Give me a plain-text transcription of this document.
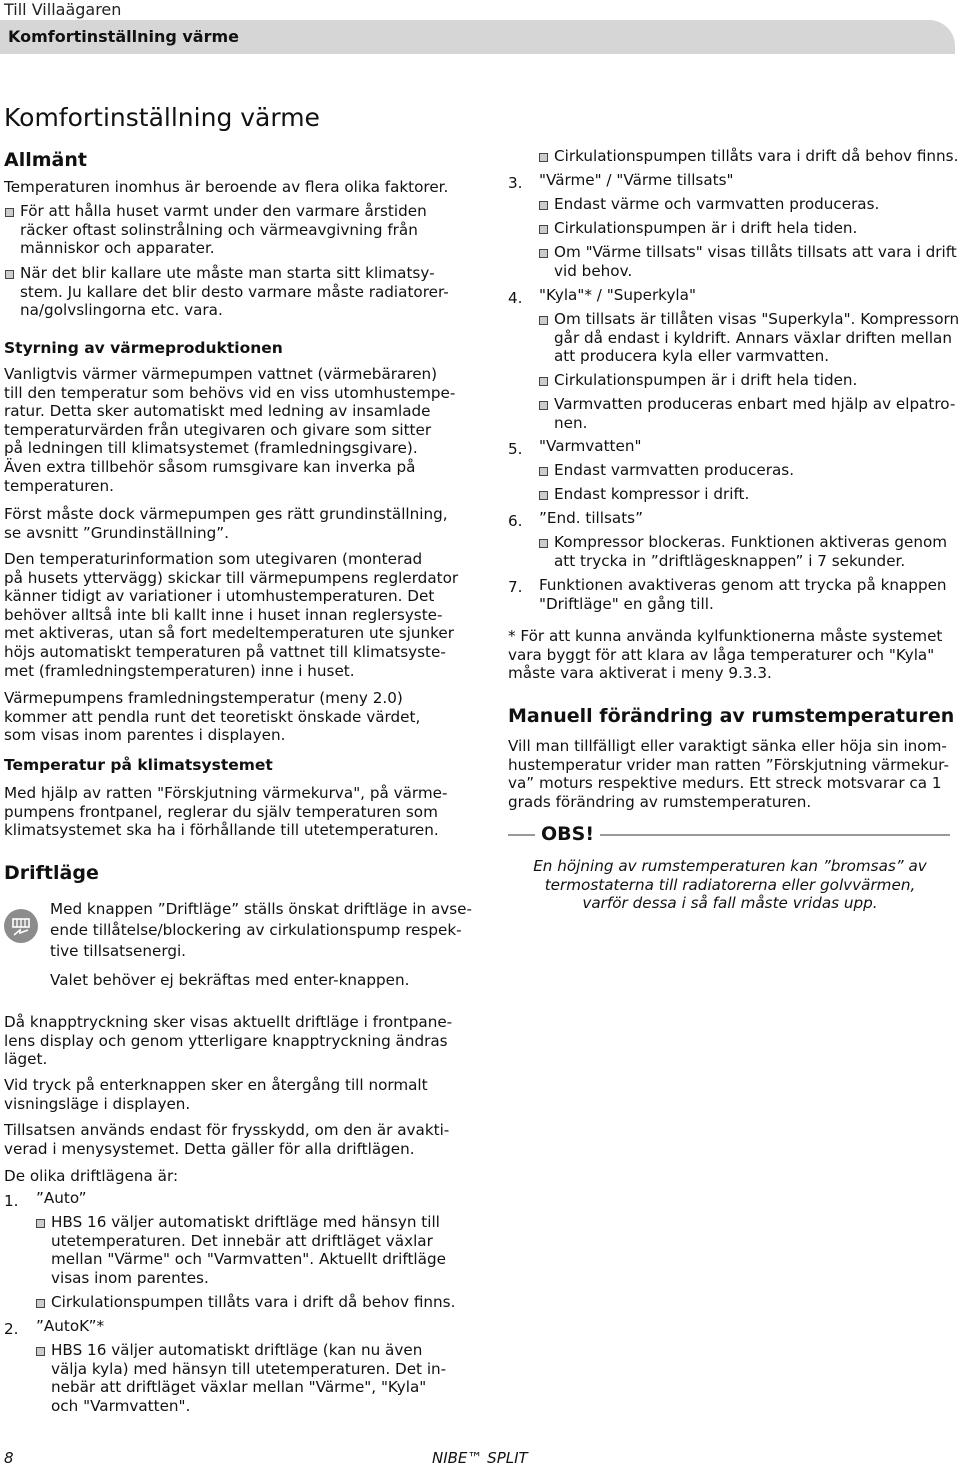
Till Villaägaren
Komfortinställning värme
Komfortinställning värme
Allmänt
Temperaturen inomhus är beroende av flera olika faktorer.
För att hålla huset varmt under den varmare årstiden
räcker oftast solinstrålning och värmeavgivning från
människor och apparater.
När det blir kallare ute måste man starta sitt klimatsy-
stem. Ju kallare det blir desto varmare måste radiatorer-
na/golvslingorna etc. vara.
Styrning av värmeproduktionen
Vanligtvis värmer värmepumpen vattnet (värmebäraren)
till den temperatur som behövs vid en viss utomhustempe-
ratur. Detta sker automatiskt med ledning av insamlade
temperaturvärden från utegivaren och givare som sitter
på ledningen till klimatsystemet (framledningsgivare).
Även extra tillbehör såsom rumsgivare kan inverka på
temperaturen.
Först måste dock värmepumpen ges rätt grundinställning,
se avsnitt ”Grundinställning”.
Den temperaturinformation som utegivaren (monterad
på husets yttervägg) skickar till värmepumpens reglerdator
känner tidigt av variationer i utomhustemperaturen. Det
behöver alltså inte bli kallt inne i huset innan reglersyste-
met aktiveras, utan så fort medeltemperaturen ute sjunker
höjs automatiskt temperaturen på vattnet till klimatsyste-
met (framledningstemperaturen) inne i huset.
Värmepumpens framledningstemperatur (meny 2.0)
kommer att pendla runt det teoretiskt önskade värdet,
som visas inom parentes i displayen.
Temperatur på klimatsystemet
Med hjälp av ratten "Förskjutning värmekurva", på värme-
pumpens frontpanel, reglerar du själv temperaturen som
klimatsystemet ska ha i förhållande till utetemperaturen.
Driftläge
Med knappen ”Driftläge” ställs önskat driftläge in avse-
ende tillåtelse/blockering av cirkulationspump respek-
tive tillsatsenergi.
Valet behöver ej bekräftas med enter-knappen.
Då knapptryckning sker visas aktuellt driftläge i frontpane-
lens display och genom ytterligare knapptryckning ändras
läget.
Vid tryck på enterknappen sker en återgång till normalt
visningsläge i displayen.
Tillsatsen används endast för frysskydd, om den är avakti-
verad i menysystemet. Detta gäller för alla driftlägen.
De olika driftlägena är:
1. ”Auto”
HBS 16 väljer automatiskt driftläge med hänsyn till
utetemperaturen. Det innebär att driftläget växlar
mellan "Värme" och "Varmvatten". Aktuellt driftläge
visas inom parentes.
Cirkulationspumpen tillåts vara i drift då behov finns.
2. ”AutoK”*
HBS 16 väljer automatiskt driftläge (kan nu även
välja kyla) med hänsyn till utetemperaturen. Det in-
nebär att driftläget växlar mellan "Värme", "Kyla"
och "Varmvatten".
Cirkulationspumpen tillåts vara i drift då behov finns.
3. "Värme" / "Värme tillsats"
Endast värme och varmvatten produceras.
Cirkulationspumpen är i drift hela tiden.
Om "Värme tillsats" visas tillåts tillsats att vara i drift
vid behov.
4. "Kyla"* / "Superkyla"
Om tillsats är tillåten visas "Superkyla". Kompressorn
går då endast i kyldrift. Annars växlar driften mellan
att producera kyla eller varmvatten.
Cirkulationspumpen är i drift hela tiden.
Varmvatten produceras enbart med hjälp av elpatro-
nen.
5. "Varmvatten"
Endast varmvatten produceras.
Endast kompressor i drift.
6. ”End. tillsats”
Kompressor blockeras. Funktionen aktiveras genom
att trycka in ”driftlägesknappen” i 7 sekunder.
7. Funktionen avaktiveras genom att trycka på knappen
"Driftläge" en gång till.
* För att kunna använda kylfunktionerna måste systemet
vara byggt för att klara av låga temperaturer och "Kyla"
måste vara aktiverat i meny 9.3.3.
Manuell förändring av rumstemperaturen
Vill man tillfälligt eller varaktigt sänka eller höja sin inom-
hustemperatur vrider man ratten ”Förskjutning värmekur-
va” moturs respektive medurs. Ett streck motsvarar ca 1
grads förändring av rumstemperaturen.
OBS!
En höjning av rumstemperaturen kan ”bromsas” av
termostaterna till radiatorerna eller golvvärmen,
varför dessa i så fall måste vridas upp.
8	NIBE™ SPLIT
